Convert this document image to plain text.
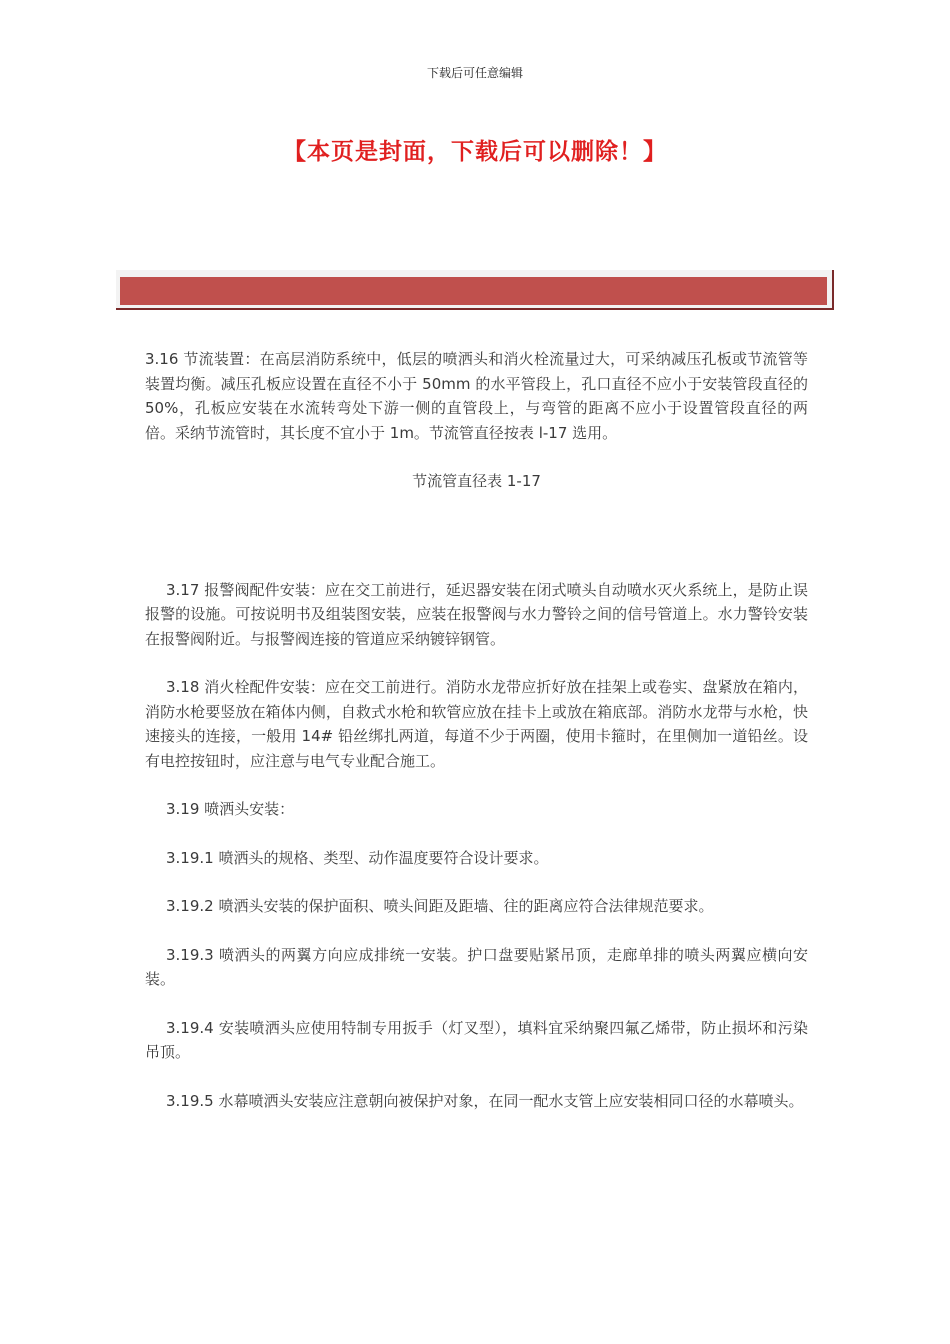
下载后可任意编辑
【本页是封面，下载后可以删除！】

3.16 节流装置：在高层消防系统中，低层的喷洒头和消火栓流量过大，可采纳减压孔板或节流管等装置均衡。减压孔板应设置在直径不小于 50mm 的水平管段上，孔口直径不应小于安装管段直径的 50%，孔板应安装在水流转弯处下游一侧的直管段上，与弯管的距离不应小于设置管段直径的两倍。采纳节流管时，其长度不宜小于 1m。节流管直径按表 l-17 选用。

节流管直径表 1-17

3.17 报警阀配件安装：应在交工前进行，延迟器安装在闭式喷头自动喷水灭火系统上，是防止误报警的设施。可按说明书及组装图安装，应装在报警阀与水力警铃之间的信号管道上。水力警铃安装在报警阀附近。与报警阀连接的管道应采纳镀锌钢管。

3.18 消火栓配件安装：应在交工前进行。消防水龙带应折好放在挂架上或卷实、盘紧放在箱内，消防水枪要竖放在箱体内侧，自救式水枪和软管应放在挂卡上或放在箱底部。消防水龙带与水枪，快速接头的连接，一般用 14# 铅丝绑扎两道，每道不少于两圈，使用卡箍时，在里侧加一道铅丝。设有电控按钮时，应注意与电气专业配合施工。

3.19 喷洒头安装：

3.19.1 喷洒头的规格、类型、动作温度要符合设计要求。

3.19.2 喷洒头安装的保护面积、喷头间距及距墙、往的距离应符合法律规范要求。

3.19.3 喷洒头的两翼方向应成排统一安装。护口盘要贴紧吊顶，走廊单排的喷头两翼应横向安装。

3.19.4 安装喷洒头应使用特制专用扳手（灯叉型），填料宜采纳聚四氟乙烯带，防止损坏和污染吊顶。

3.19.5 水幕喷洒头安装应注意朝向被保护对象，在同一配水支管上应安装相同口径的水幕喷头。
